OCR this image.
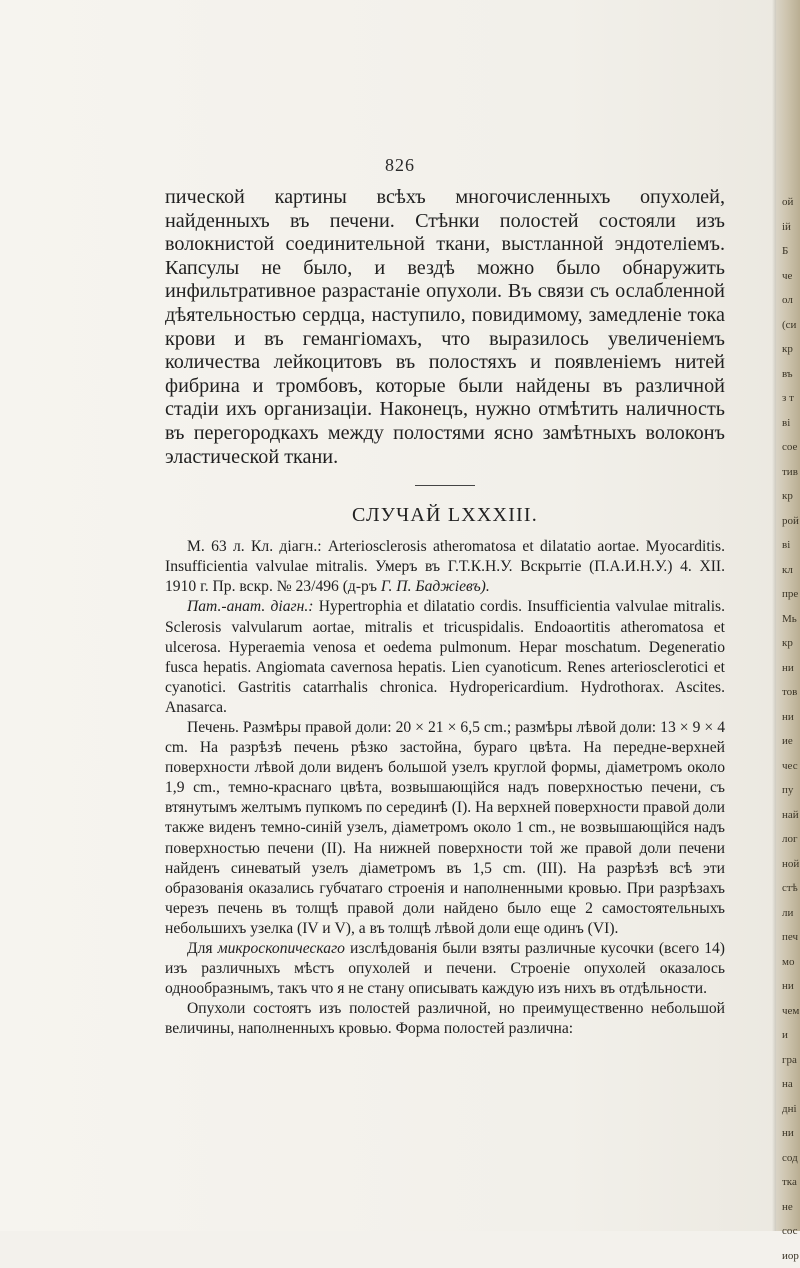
826

пической картины всѣхъ многочисленныхъ опухолей, найденныхъ въ печени. Стѣнки полостей состояли изъ волокнистой соединительной ткани, выстланной эндотеліемъ. Капсулы не было, и вездѣ можно было обнаружить инфильтративное разрастаніе опухоли. Въ связи съ ослабленной дѣятельностью сердца, наступило, повидимому, замедленіе тока крови и въ гемангіомахъ, что выразилось увеличеніемъ количества лейкоцитовъ въ полостяхъ и появленіемъ нитей фибрина и тромбовъ, которые были найдены въ различной стадіи ихъ организаціи. Наконецъ, нужно отмѣтить наличность въ перегородкахъ между полостями ясно замѣтныхъ волоконъ эластической ткани.

СЛУЧАЙ LXXXIII.

М. 63 л. Кл. діагн.: Arteriosclerosis atheromatosa et dilatatio aortae. Myocarditis. Insufficientia valvulae mitralis. Умеръ въ Г.Т.К.Н.У. Вскрытіе (П.А.И.Н.У.) 4. XII. 1910 г. Пр. вскр. № 23/496 (д-ръ Г. П. Баджіевъ).

Пат.-анат. діагн.: Hypertrophia et dilatatio cordis. Insufficientia valvulae mitralis. Sclerosis valvularum aortae, mitralis et tricuspidalis. Endoaortitis atheromatosa et ulcerosa. Hyperaemia venosa et oedema pulmonum. Hepar moschatum. Degeneratio fusca hepatis. Angiomata cavernosa hepatis. Lien cyanoticum. Renes arteriosclerotici et cyanotici. Gastritis catarrhalis chronica. Hydropericardium. Hydrothorax. Ascites. Anasarca.

Печень. Размѣры правой доли: 20 × 21 × 6,5 cm.; размѣры лѣвой доли: 13 × 9 × 4 cm. На разрѣзѣ печень рѣзко застойна, бураго цвѣта. На передне-верхней поверхности лѣвой доли виденъ большой узелъ круглой формы, діаметромъ около 1,9 cm., темно-краснаго цвѣта, возвышающійся надъ поверхностью печени, съ втянутымъ желтымъ пупкомъ по серединѣ (I). На верхней поверхности правой доли также виденъ темно-синій узелъ, діаметромъ около 1 cm., не возвышающійся надъ поверхностью печени (II). На нижней поверхности той же правой доли печени найденъ синеватый узелъ діаметромъ въ 1,5 cm. (III). На разрѣзѣ всѣ эти образованія оказались губчатаго строенія и наполненными кровью. При разрѣзахъ черезъ печень въ толщѣ правой доли найдено было еще 2 самостоятельныхъ небольшихъ узелка (IV и V), а въ толщѣ лѣвой доли еще одинъ (VI).

Для микроскопическаго изслѣдованія были взяты различные кусочки (всего 14) изъ различныхъ мѣстъ опухолей и печени. Строеніе опухолей оказалось однообразнымъ, такъ что я не стану описывать каждую изъ нихъ въ отдѣльности.

Опухоли состоятъ изъ полостей различной, но преимущественно небольшой величины, наполненныхъ кровью. Форма полостей различна:

ой
ій
Б
че
ол
(си
кр
въ
з т
ві
сое
тив
кр
рой
ві
кл
пре
Мь
кр
ни
тов
ни
ие
чес
пу
най
лог
ной
стѣ
ли
печ
мо
ни
чем
и
гра
на
дні
ни
сод
тка
не
сос
иор
